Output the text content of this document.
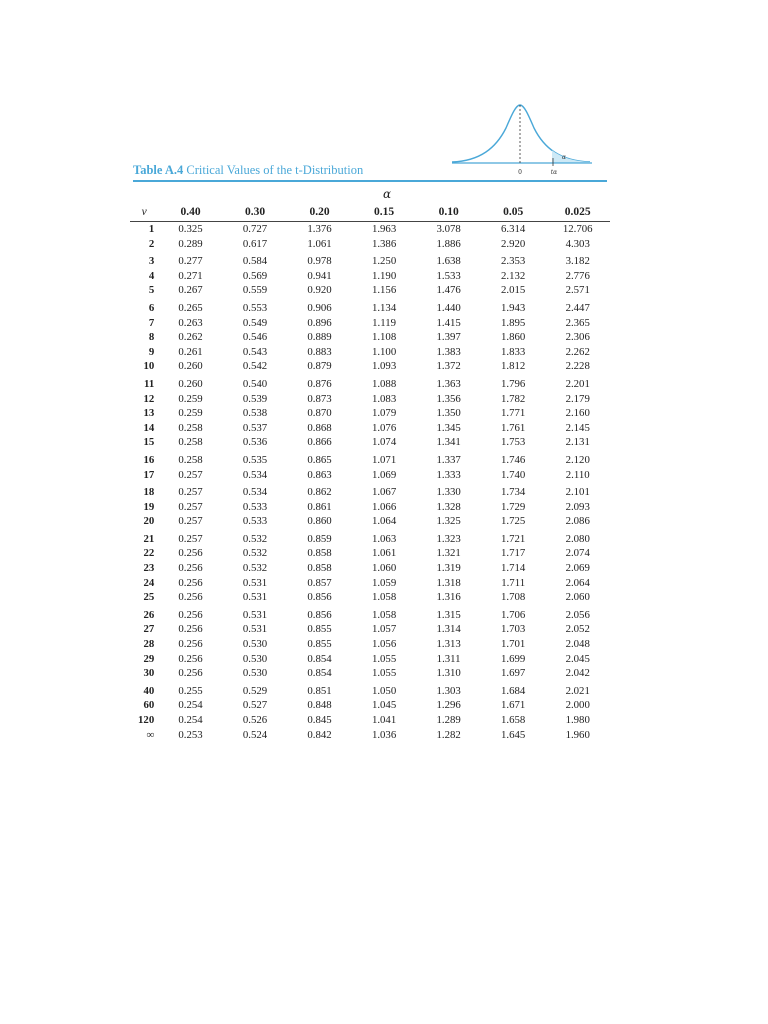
0	tα
α
Table A.4 Critical Values of the t-Distribution
α
v	0.40	0.30	0.20	0.15	0.10	0.05	0.025
1	0.325	0.727	1.376	1.963	3.078	6.314	12.706
2	0.289	0.617	1.061	1.386	1.886	2.920	4.303
3	0.277	0.584	0.978	1.250	1.638	2.353	3.182
4	0.271	0.569	0.941	1.190	1.533	2.132	2.776
5	0.267	0.559	0.920	1.156	1.476	2.015	2.571
6	0.265	0.553	0.906	1.134	1.440	1.943	2.447
7	0.263	0.549	0.896	1.119	1.415	1.895	2.365
8	0.262	0.546	0.889	1.108	1.397	1.860	2.306
9	0.261	0.543	0.883	1.100	1.383	1.833	2.262
10	0.260	0.542	0.879	1.093	1.372	1.812	2.228
11	0.260	0.540	0.876	1.088	1.363	1.796	2.201
12	0.259	0.539	0.873	1.083	1.356	1.782	2.179
13	0.259	0.538	0.870	1.079	1.350	1.771	2.160
14	0.258	0.537	0.868	1.076	1.345	1.761	2.145
15	0.258	0.536	0.866	1.074	1.341	1.753	2.131
16	0.258	0.535	0.865	1.071	1.337	1.746	2.120
17	0.257	0.534	0.863	1.069	1.333	1.740	2.110
18	0.257	0.534	0.862	1.067	1.330	1.734	2.101
19	0.257	0.533	0.861	1.066	1.328	1.729	2.093
20	0.257	0.533	0.860	1.064	1.325	1.725	2.086
21	0.257	0.532	0.859	1.063	1.323	1.721	2.080
22	0.256	0.532	0.858	1.061	1.321	1.717	2.074
23	0.256	0.532	0.858	1.060	1.319	1.714	2.069
24	0.256	0.531	0.857	1.059	1.318	1.711	2.064
25	0.256	0.531	0.856	1.058	1.316	1.708	2.060
26	0.256	0.531	0.856	1.058	1.315	1.706	2.056
27	0.256	0.531	0.855	1.057	1.314	1.703	2.052
28	0.256	0.530	0.855	1.056	1.313	1.701	2.048
29	0.256	0.530	0.854	1.055	1.311	1.699	2.045
30	0.256	0.530	0.854	1.055	1.310	1.697	2.042
40	0.255	0.529	0.851	1.050	1.303	1.684	2.021
60	0.254	0.527	0.848	1.045	1.296	1.671	2.000
120	0.254	0.526	0.845	1.041	1.289	1.658	1.980
∞	0.253	0.524	0.842	1.036	1.282	1.645	1.960
